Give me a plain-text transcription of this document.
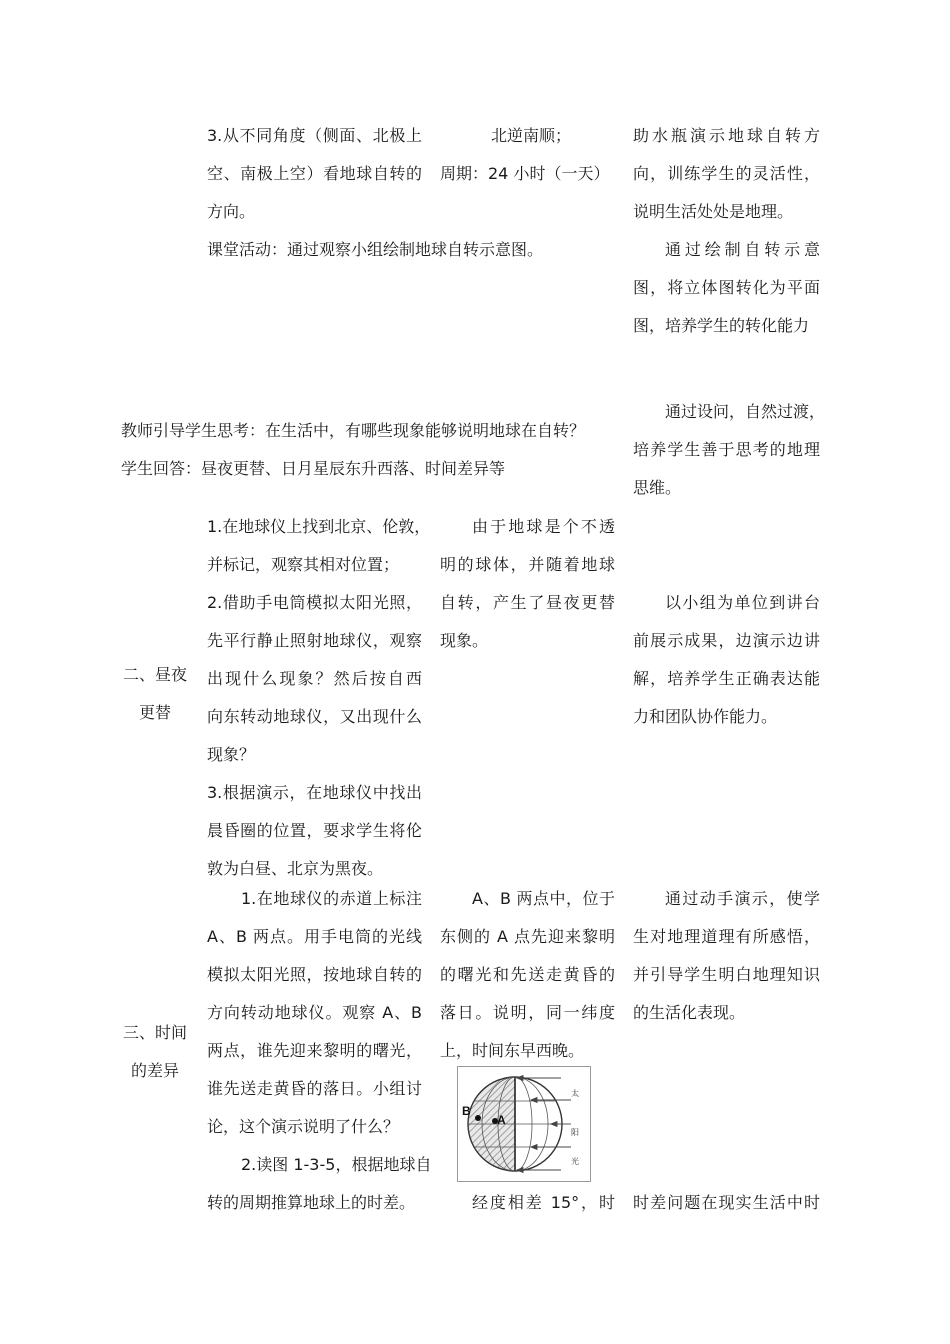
3.从不同角度（侧面、北极上
空、南极上空）看地球自转的
方向。
课堂活动：通过观察小组绘制地球自转示意图。
北逆南顺；
周期：24 小时（一天）
助水瓶演示地球自转方
向，训练学生的灵活性，
说明生活处处是地理。
通过绘制自转示意
图，将立体图转化为平面
图，培养学生的转化能力
教师引导学生思考：在生活中，有哪些现象能够说明地球在自转？
学生回答：昼夜更替、日月星辰东升西落、时间差异等
通过设问，自然过渡，
培养学生善于思考的地理
思维。
二、昼夜
更替
1.在地球仪上找到北京、伦敦，
并标记，观察其相对位置；
2.借助手电筒模拟太阳光照，
先平行静止照射地球仪，观察
出现什么现象？然后按自西
向东转动地球仪，又出现什么
现象？
3.根据演示，在地球仪中找出
晨昏圈的位置，要求学生将伦
敦为白昼、北京为黑夜。
由于地球是个不透
明的球体，并随着地球
自转，产生了昼夜更替
现象。
以小组为单位到讲台
前展示成果，边演示边讲
解，培养学生正确表达能
力和团队协作能力。
三、时间
的差异
1.在地球仪的赤道上标注
A、B 两点。用手电筒的光线
模拟太阳光照，按地球自转的
方向转动地球仪。观察 A、B
两点，谁先迎来黎明的曙光，
谁先送走黄昏的落日。小组讨
论，这个演示说明了什么？
2.读图 1-3-5，根据地球自
转的周期推算地球上的时差。
A、B 两点中，位于
东侧的 A 点先迎来黎明
的曙光和先送走黄昏的
落日。说明，同一纬度
上，时间东早西晚。
经度相差 15°，时
通过动手演示，使学
生对地理道理有所感悟，
并引导学生明白地理知识
的生活化表现。
时差问题在现实生活中时
B
A
太
阳
光
